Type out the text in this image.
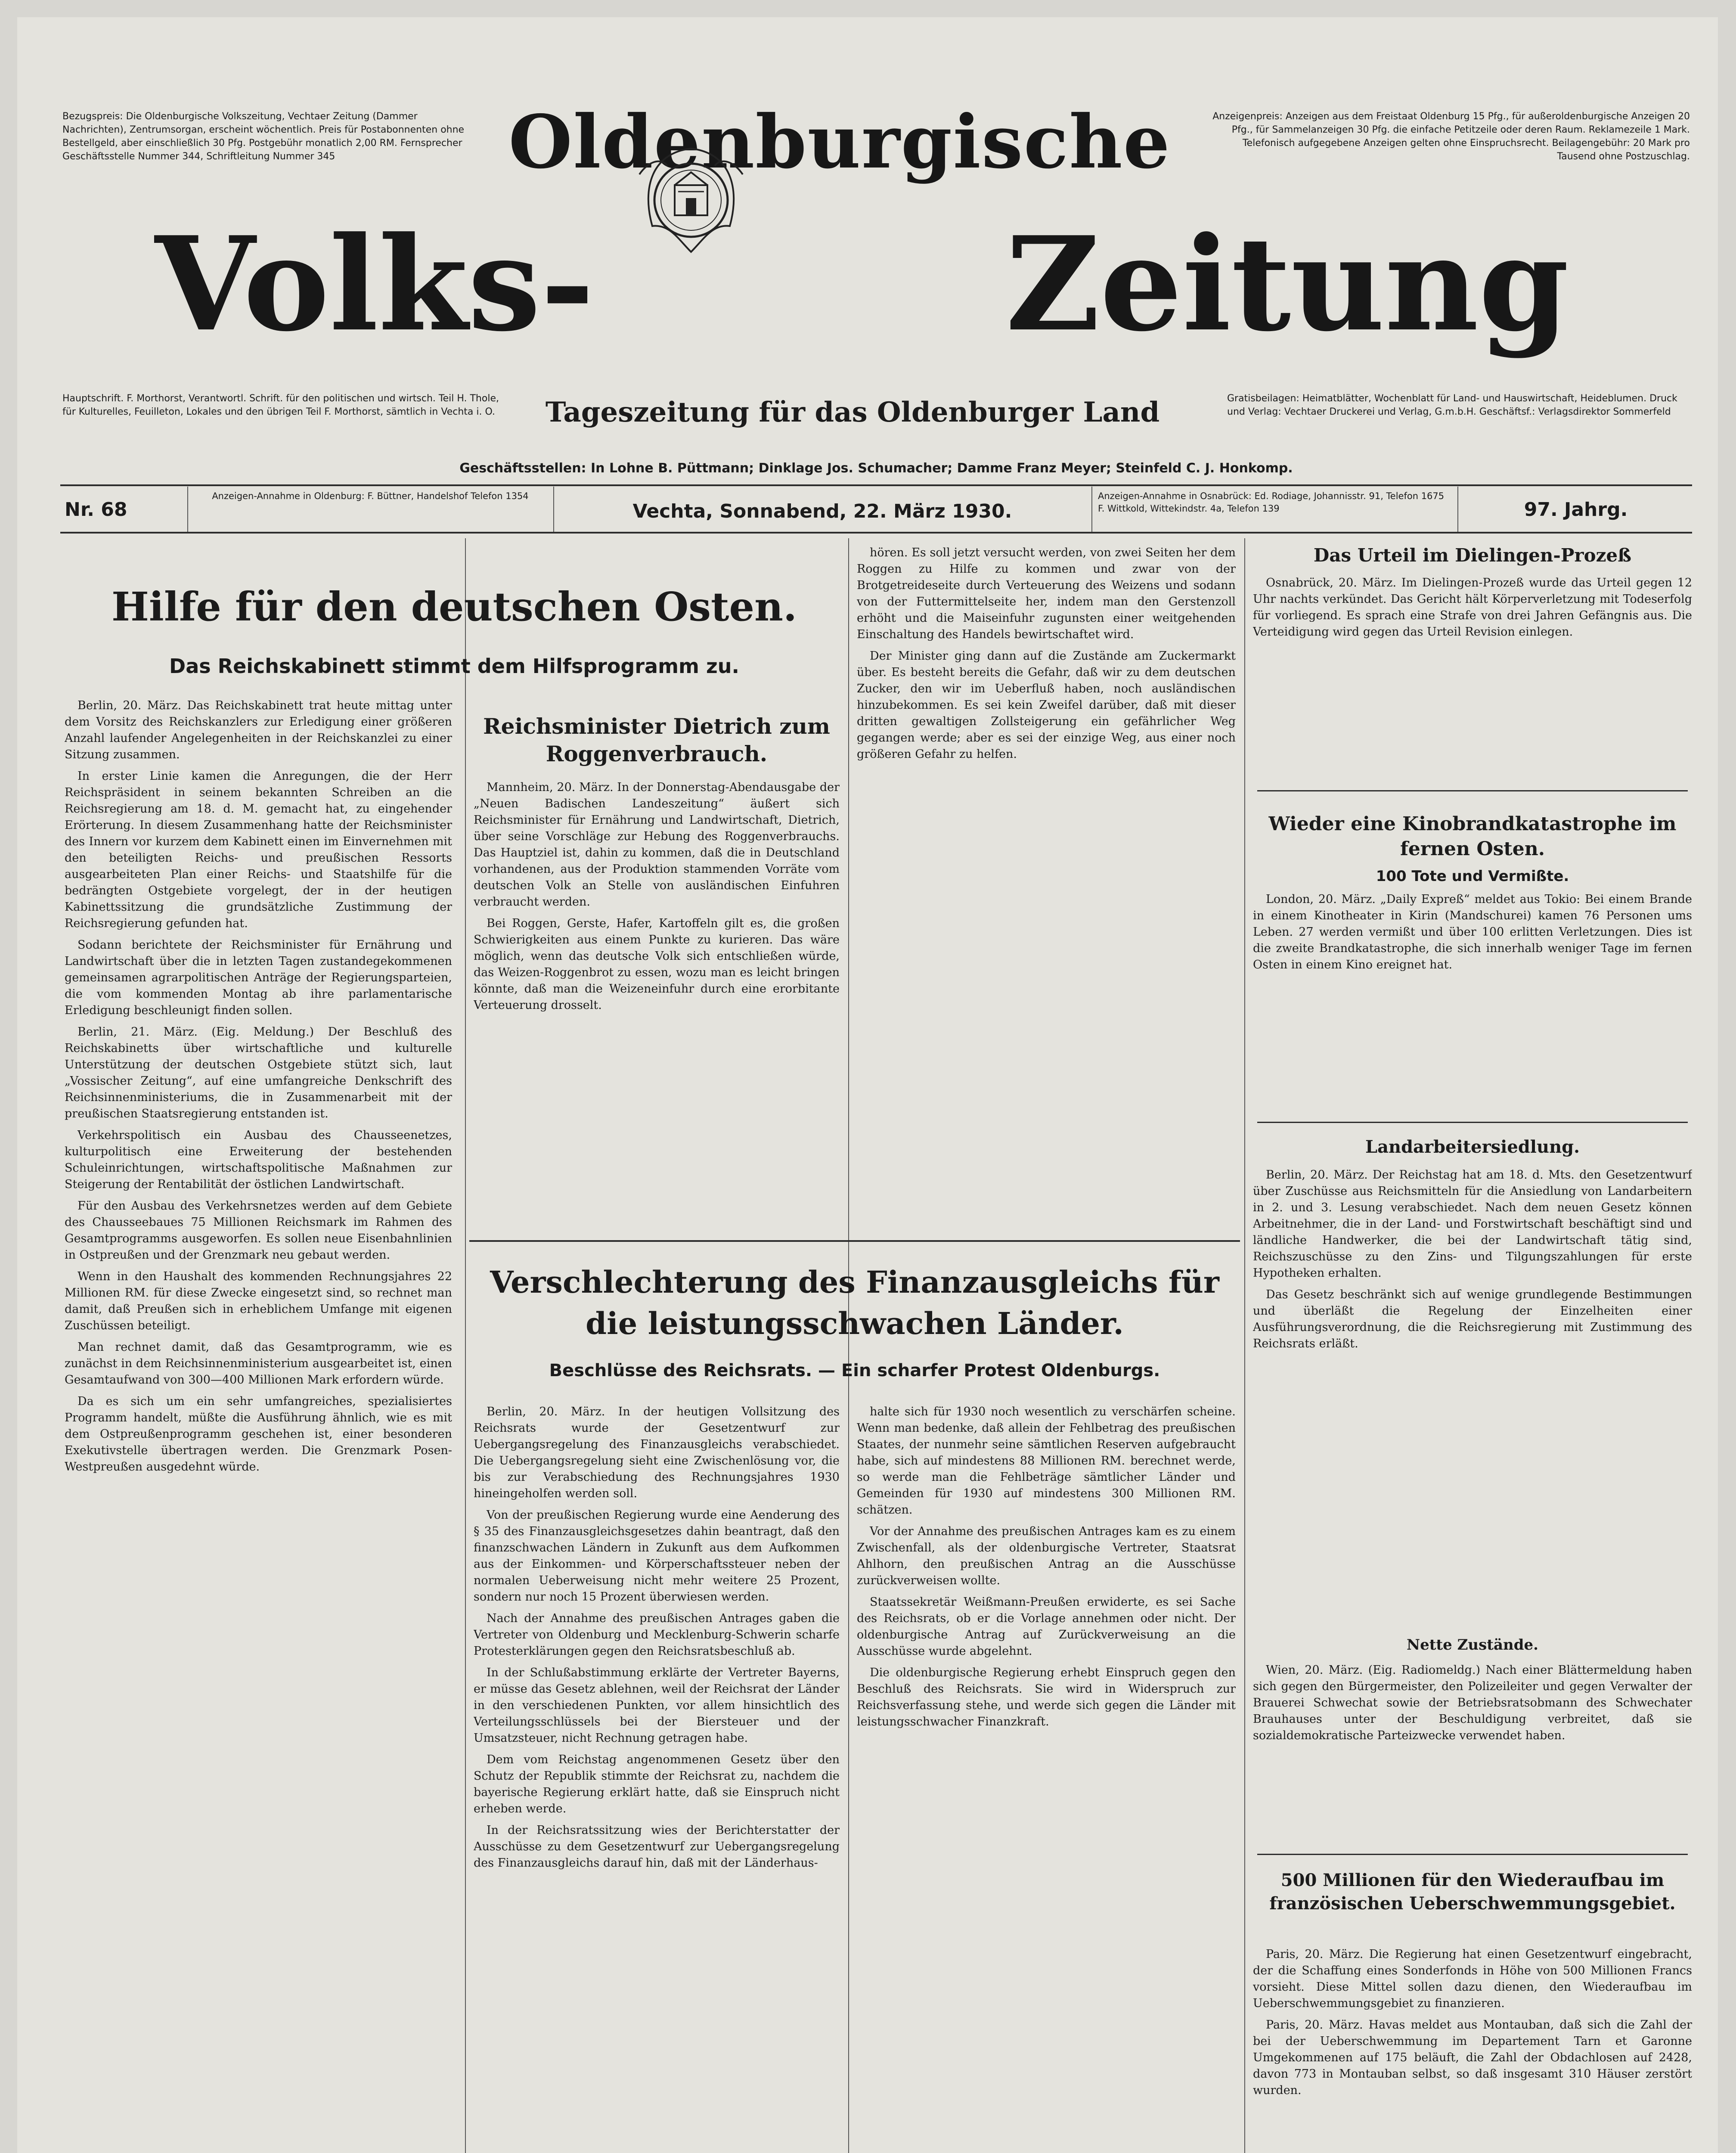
Bezugspreis: Die Oldenburgische Volkszeitung, Vechtaer Zeitung (Dammer Nachrichten), Zentrumsorgan, erscheint wöchentlich. Preis für Postabonnenten ohne Bestellgeld, aber einschließlich 30 Pfg. Postgebühr monatlich 2,00 RM. Fernsprecher Geschäftsstelle Nummer 344, Schriftleitung Nummer 345
Anzeigenpreis: Anzeigen aus dem Freistaat Oldenburg 15 Pfg., für außeroldenburgische Anzeigen 20 Pfg., für Sammelanzeigen 30 Pfg. die einfache Petitzeile oder deren Raum. Reklamezeile 1 Mark. Telefonisch aufgegebene Anzeigen gelten ohne Einspruchsrecht. Beilagengebühr: 20 Mark pro Tausend ohne Postzuschlag.
Oldenburgische
Volks-	Zeitung
Hauptschrift. F. Morthorst, Verantwortl. Schrift. für den politischen und wirtsch. Teil H. Thole, für Kulturelles, Feuilleton, Lokales und den übrigen Teil F. Morthorst, sämtlich in Vechta i. O.	Tageszeitung für das Oldenburger Land	Gratisbeilagen: Heimatblätter, Wochenblatt für Land- und Hauswirtschaft, Heideblumen. Druck und Verlag: Vechtaer Druckerei und Verlag, G.m.b.H. Geschäftsf.: Verlagsdirektor Sommerfeld
Geschäftsstellen: In Lohne B. Püttmann; Dinklage Jos. Schumacher; Damme Franz Meyer; Steinfeld C. J. Honkomp.
Nr. 68
Anzeigen-Annahme in Oldenburg: F. Büttner, Handelshof Telefon 1354
Vechta, Sonnabend, 22. März 1930.
Anzeigen-Annahme in Osnabrück: Ed. Rodiage, Johannisstr. 91, Telefon 1675 F. Wittkold, Wittekindstr. 4a, Telefon 139	97. Jahrg.
Hilfe für den deutschen Osten.
Das Reichskabinett stimmt dem Hilfsprogramm zu.

Berlin, 20. März. Das Reichskabinett trat heute mittag unter dem Vorsitz des Reichskanzlers zur Erledigung einer größeren Anzahl laufender Angelegenheiten in der Reichskanzlei zu einer Sitzung zusammen.

In erster Linie kamen die Anregungen, die der Herr Reichspräsident in seinem bekannten Schreiben an die Reichsregierung am 18. d. M. gemacht hat, zu eingehender Erörterung. In diesem Zusammenhang hatte der Reichsminister des Innern vor kurzem dem Kabinett einen im Einvernehmen mit den beteiligten Reichs- und preußischen Ressorts ausgearbeiteten Plan einer Reichs- und Staatshilfe für die bedrängten Ostgebiete vorgelegt, der in der heutigen Kabinettssitzung die grundsätzliche Zustimmung der Reichsregierung gefunden hat.

Sodann berichtete der Reichsminister für Ernährung und Landwirtschaft über die in letzten Tagen zustandegekommenen gemeinsamen agrarpolitischen Anträge der Regierungsparteien, die vom kommenden Montag ab ihre parlamentarische Erledigung beschleunigt finden sollen.

Berlin, 21. März. (Eig. Meldung.) Der Beschluß des Reichskabinetts über wirtschaftliche und kulturelle Unterstützung der deutschen Ostgebiete stützt sich, laut „Vossischer Zeitung“, auf eine umfangreiche Denkschrift des Reichsinnenministeriums, die in Zusammenarbeit mit der preußischen Staatsregierung entstanden ist.

Verkehrspolitisch ein Ausbau des Chausseenetzes, kulturpolitisch eine Erweiterung der bestehenden Schuleinrichtungen, wirtschaftspolitische Maßnahmen zur Steigerung der Rentabilität der östlichen Landwirtschaft.

Für den Ausbau des Verkehrsnetzes werden auf dem Gebiete des Chausseebaues 75 Millionen Reichsmark im Rahmen des Gesamtprogramms ausgeworfen. Es sollen neue Eisenbahnlinien in Ostpreußen und der Grenzmark neu gebaut werden.

Wenn in den Haushalt des kommenden Rechnungsjahres 22 Millionen RM. für diese Zwecke eingesetzt sind, so rechnet man damit, daß Preußen sich in erheblichem Umfange mit eigenen Zuschüssen beteiligt.

Man rechnet damit, daß das Gesamtprogramm, wie es zunächst in dem Reichsinnenministerium ausgearbeitet ist, einen Gesamtaufwand von 300—400 Millionen Mark erfordern würde.

Da es sich um ein sehr umfangreiches, spezialisiertes Programm handelt, müßte die Ausführung ähnlich, wie es mit dem Ostpreußenprogramm geschehen ist, einer besonderen Exekutivstelle übertragen werden. Die Grenzmark Posen-Westpreußen ausgedehnt würde.

Reichsminister Dietrich zum Roggenverbrauch.

Mannheim, 20. März. In der Donnerstag-Abendausgabe der „Neuen Badischen Landeszeitung“ äußert sich Reichsminister für Ernährung und Landwirtschaft, Dietrich, über seine Vorschläge zur Hebung des Roggenverbrauchs. Das Hauptziel ist, dahin zu kommen, daß die in Deutschland vorhandenen, aus der Produktion stammenden Vorräte vom deutschen Volk an Stelle von ausländischen Einfuhren verbraucht werden.

Bei Roggen, Gerste, Hafer, Kartoffeln gilt es, die großen Schwierigkeiten aus einem Punkte zu kurieren. Das wäre möglich, wenn das deutsche Volk sich entschließen würde, das Weizen-Roggenbrot zu essen, wozu man es leicht bringen könnte, daß man die Weizeneinfuhr durch eine erorbitante Verteuerung drosselt.

hören. Es soll jetzt versucht werden, von zwei Seiten her dem Roggen zu Hilfe zu kommen und zwar von der Brotgetreideseite durch Verteuerung des Weizens und sodann von der Futtermittelseite her, indem man den Gerstenzoll erhöht und die Maiseinfuhr zugunsten einer weitgehenden Einschaltung des Handels bewirtschaftet wird.

Der Minister ging dann auf die Zustände am Zuckermarkt über. Es besteht bereits die Gefahr, daß wir zu dem deutschen Zucker, den wir im Ueberfluß haben, noch ausländischen hinzubekommen. Es sei kein Zweifel darüber, daß mit dieser dritten gewaltigen Zollsteigerung ein gefährlicher Weg gegangen werde; aber es sei der einzige Weg, aus einer noch größeren Gefahr zu helfen.

Verschlechterung des Finanzausgleichs für die leistungsschwachen Länder.
Beschlüsse des Reichsrats. — Ein scharfer Protest Oldenburgs.

Berlin, 20. März. In der heutigen Vollsitzung des Reichsrats wurde der Gesetzentwurf zur Uebergangsregelung des Finanzausgleichs verabschiedet. Die Uebergangsregelung sieht eine Zwischenlösung vor, die bis zur Verabschiedung des Rechnungsjahres 1930 hineingeholfen werden soll.

Von der preußischen Regierung wurde eine Aenderung des § 35 des Finanzausgleichsgesetzes dahin beantragt, daß den finanzschwachen Ländern in Zukunft aus dem Aufkommen aus der Einkommen- und Körperschaftssteuer neben der normalen Ueberweisung nicht mehr weitere 25 Prozent, sondern nur noch 15 Prozent überwiesen werden.

Nach der Annahme des preußischen Antrages gaben die Vertreter von Oldenburg und Mecklenburg-Schwerin scharfe Protesterklärungen gegen den Reichsratsbeschluß ab.

In der Schlußabstimmung erklärte der Vertreter Bayerns, er müsse das Gesetz ablehnen, weil der Reichsrat der Länder in den verschiedenen Punkten, vor allem hinsichtlich des Verteilungsschlüssels bei der Biersteuer und der Umsatzsteuer, nicht Rechnung getragen habe.

Dem vom Reichstag angenommenen Gesetz über den Schutz der Republik stimmte der Reichsrat zu, nachdem die bayerische Regierung erklärt hatte, daß sie Einspruch nicht erheben werde.

In der Reichsratssitzung wies der Berichterstatter der Ausschüsse zu dem Gesetzentwurf zur Uebergangsregelung des Finanzausgleichs darauf hin, daß mit der Länderhaus-

halte sich für 1930 noch wesentlich zu verschärfen scheine. Wenn man bedenke, daß allein der Fehlbetrag des preußischen Staates, der nunmehr seine sämtlichen Reserven aufgebraucht habe, sich auf mindestens 88 Millionen RM. berechnet werde, so werde man die Fehlbeträge sämtlicher Länder und Gemeinden für 1930 auf mindestens 300 Millionen RM. schätzen.

Vor der Annahme des preußischen Antrages kam es zu einem Zwischenfall, als der oldenburgische Vertreter, Staatsrat Ahlhorn, den preußischen Antrag an die Ausschüsse zurückverweisen wollte.

Staatssekretär Weißmann-Preußen erwiderte, es sei Sache des Reichsrats, ob er die Vorlage annehmen oder nicht. Der oldenburgische Antrag auf Zurückverweisung an die Ausschüsse wurde abgelehnt.

Die oldenburgische Regierung erhebt Einspruch gegen den Beschluß des Reichsrats. Sie wird in Widerspruch zur Reichsverfassung stehe, und werde sich gegen die Länder mit leistungsschwacher Finanzkraft.

Das Urteil im Dielingen-Prozeß

Osnabrück, 20. März. Im Dielingen-Prozeß wurde das Urteil gegen 12 Uhr nachts verkündet. Das Gericht hält Körperverletzung mit Todeserfolg für vorliegend. Es sprach eine Strafe von drei Jahren Gefängnis aus. Die Verteidigung wird gegen das Urteil Revision einlegen.

Wieder eine Kinobrandkatastrophe im fernen Osten.
100 Tote und Vermißte.

London, 20. März. „Daily Expreß“ meldet aus Tokio: Bei einem Brande in einem Kinotheater in Kirin (Mandschurei) kamen 76 Personen ums Leben. 27 werden vermißt und über 100 erlitten Verletzungen. Dies ist die zweite Brandkatastrophe, die sich innerhalb weniger Tage im fernen Osten in einem Kino ereignet hat.

Landarbeitersiedlung.

Berlin, 20. März. Der Reichstag hat am 18. d. Mts. den Gesetzentwurf über Zuschüsse aus Reichsmitteln für die Ansiedlung von Landarbeitern in 2. und 3. Lesung verabschiedet. Nach dem neuen Gesetz können Arbeitnehmer, die in der Land- und Forstwirtschaft beschäftigt sind und ländliche Handwerker, die bei der Landwirtschaft tätig sind, Reichszuschüsse zu den Zins- und Tilgungszahlungen für erste Hypotheken erhalten.

Das Gesetz beschränkt sich auf wenige grundlegende Bestimmungen und überläßt die Regelung der Einzelheiten einer Ausführungsverordnung, die die Reichsregierung mit Zustimmung des Reichsrats erläßt.

Nette Zustände.

Wien, 20. März. (Eig. Radiomeldg.) Nach einer Blättermeldung haben sich gegen den Bürgermeister, den Polizeileiter und gegen Verwalter der Brauerei Schwechat sowie der Betriebsratsobmann des Schwechater Brauhauses unter der Beschuldigung verbreitet, daß sie sozialdemokratische Parteizwecke verwendet haben.

500 Millionen für den Wiederaufbau im französischen Ueberschwemmungsgebiet.

Paris, 20. März. Die Regierung hat einen Gesetzentwurf eingebracht, der die Schaffung eines Sonderfonds in Höhe von 500 Millionen Francs vorsieht. Diese Mittel sollen dazu dienen, den Wiederaufbau im Ueberschwemmungsgebiet zu finanzieren.

Paris, 20. März. Havas meldet aus Montauban, daß sich die Zahl der bei der Ueberschwemmung im Departement Tarn et Garonne Umgekommenen auf 175 beläuft, die Zahl der Obdachlosen auf 2428, davon 773 in Montauban selbst, so daß insgesamt 310 Häuser zerstört wurden.
